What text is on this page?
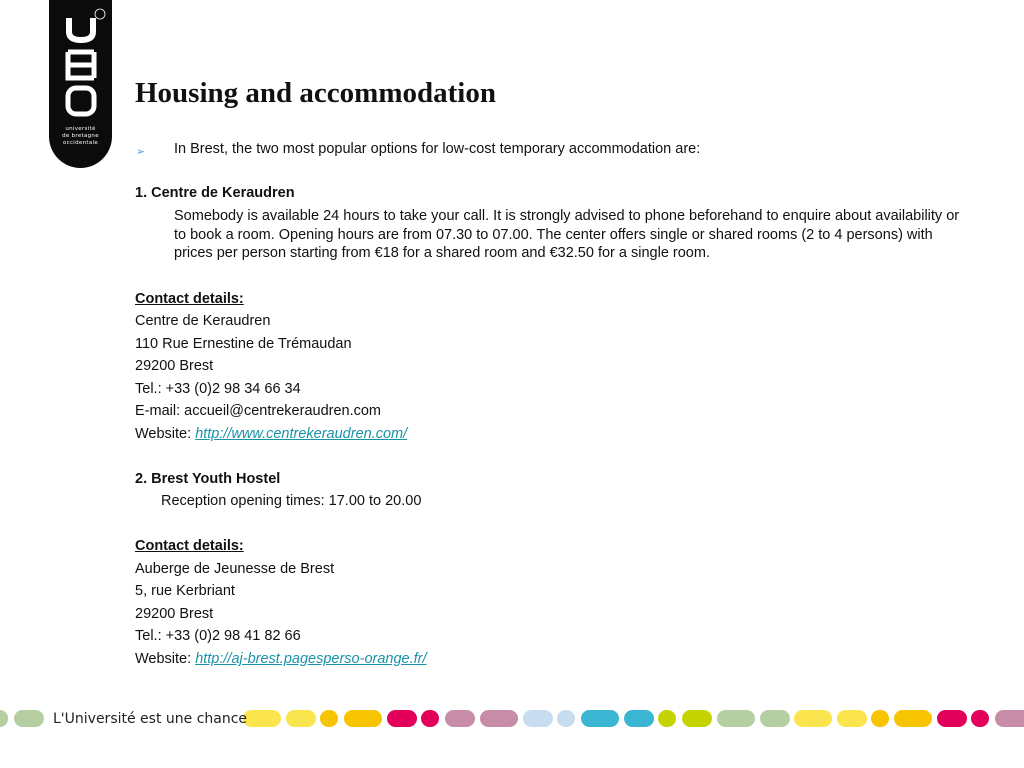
université
de bretagne
occidentale
Housing and accommodation
➢ In Brest, the two most popular options for low-cost temporary accommodation are:
1. Centre de Keraudren
Somebody is available 24 hours to take your call. It is strongly advised to phone beforehand to enquire about availability or to book a room. Opening hours are from 07.30 to 07.00. The center offers single or shared rooms (2 to 4 persons) with prices per person starting from €18 for a shared room and €32.50 for a single room.
Contact details:
Centre de Keraudren
110 Rue Ernestine de Trémaudan
29200 Brest
Tel.: +33 (0)2 98 34 66 34
E-mail: accueil@centrekeraudren.com
Website: http://www.centrekeraudren.com/
2. Brest Youth Hostel
Reception opening times: 17.00 to 20.00
Contact details:
Auberge de Jeunesse de Brest
5, rue Kerbriant
29200 Brest
Tel.: +33 (0)2 98 41 82 66
Website: http://aj-brest.pagesperso-orange.fr/
L'Université est une chance
